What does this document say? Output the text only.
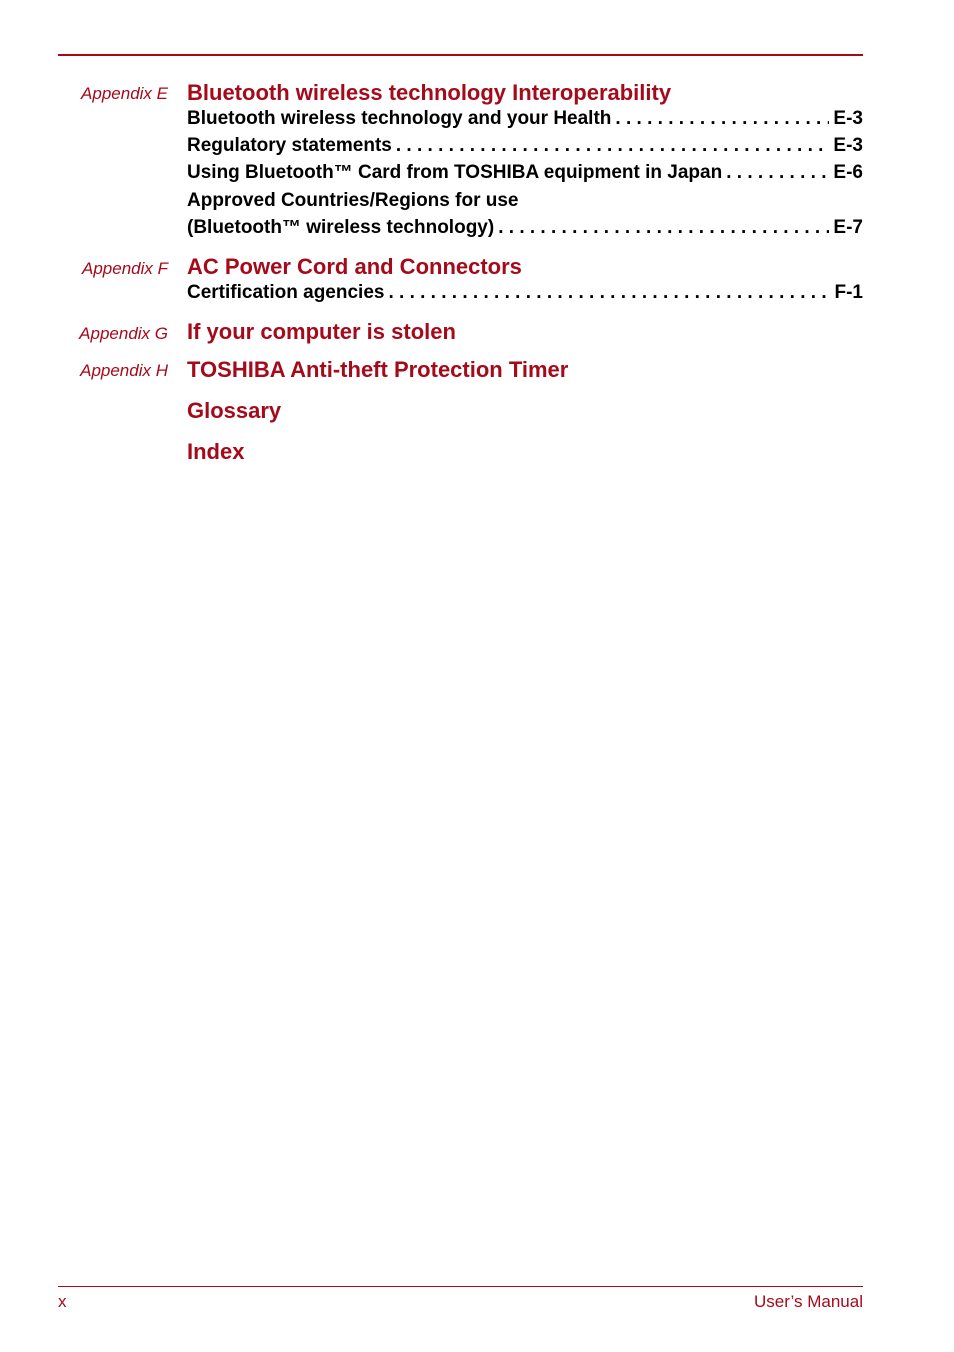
Appendix E Bluetooth wireless technology Interoperability
Bluetooth wireless technology and your Health . . .	E-3
Regulatory statements . . .	E-3
Using Bluetooth™ Card from TOSHIBA equipment in Japan . . .	E-6
Approved Countries/Regions for use
(Bluetooth™ wireless technology) . . .	E-7
Appendix F AC Power Cord and Connectors
Certification agencies . . .	F-1
Appendix G If your computer is stolen
Appendix H TOSHIBA Anti-theft Protection Timer
Glossary
Index
x	User’s Manual
